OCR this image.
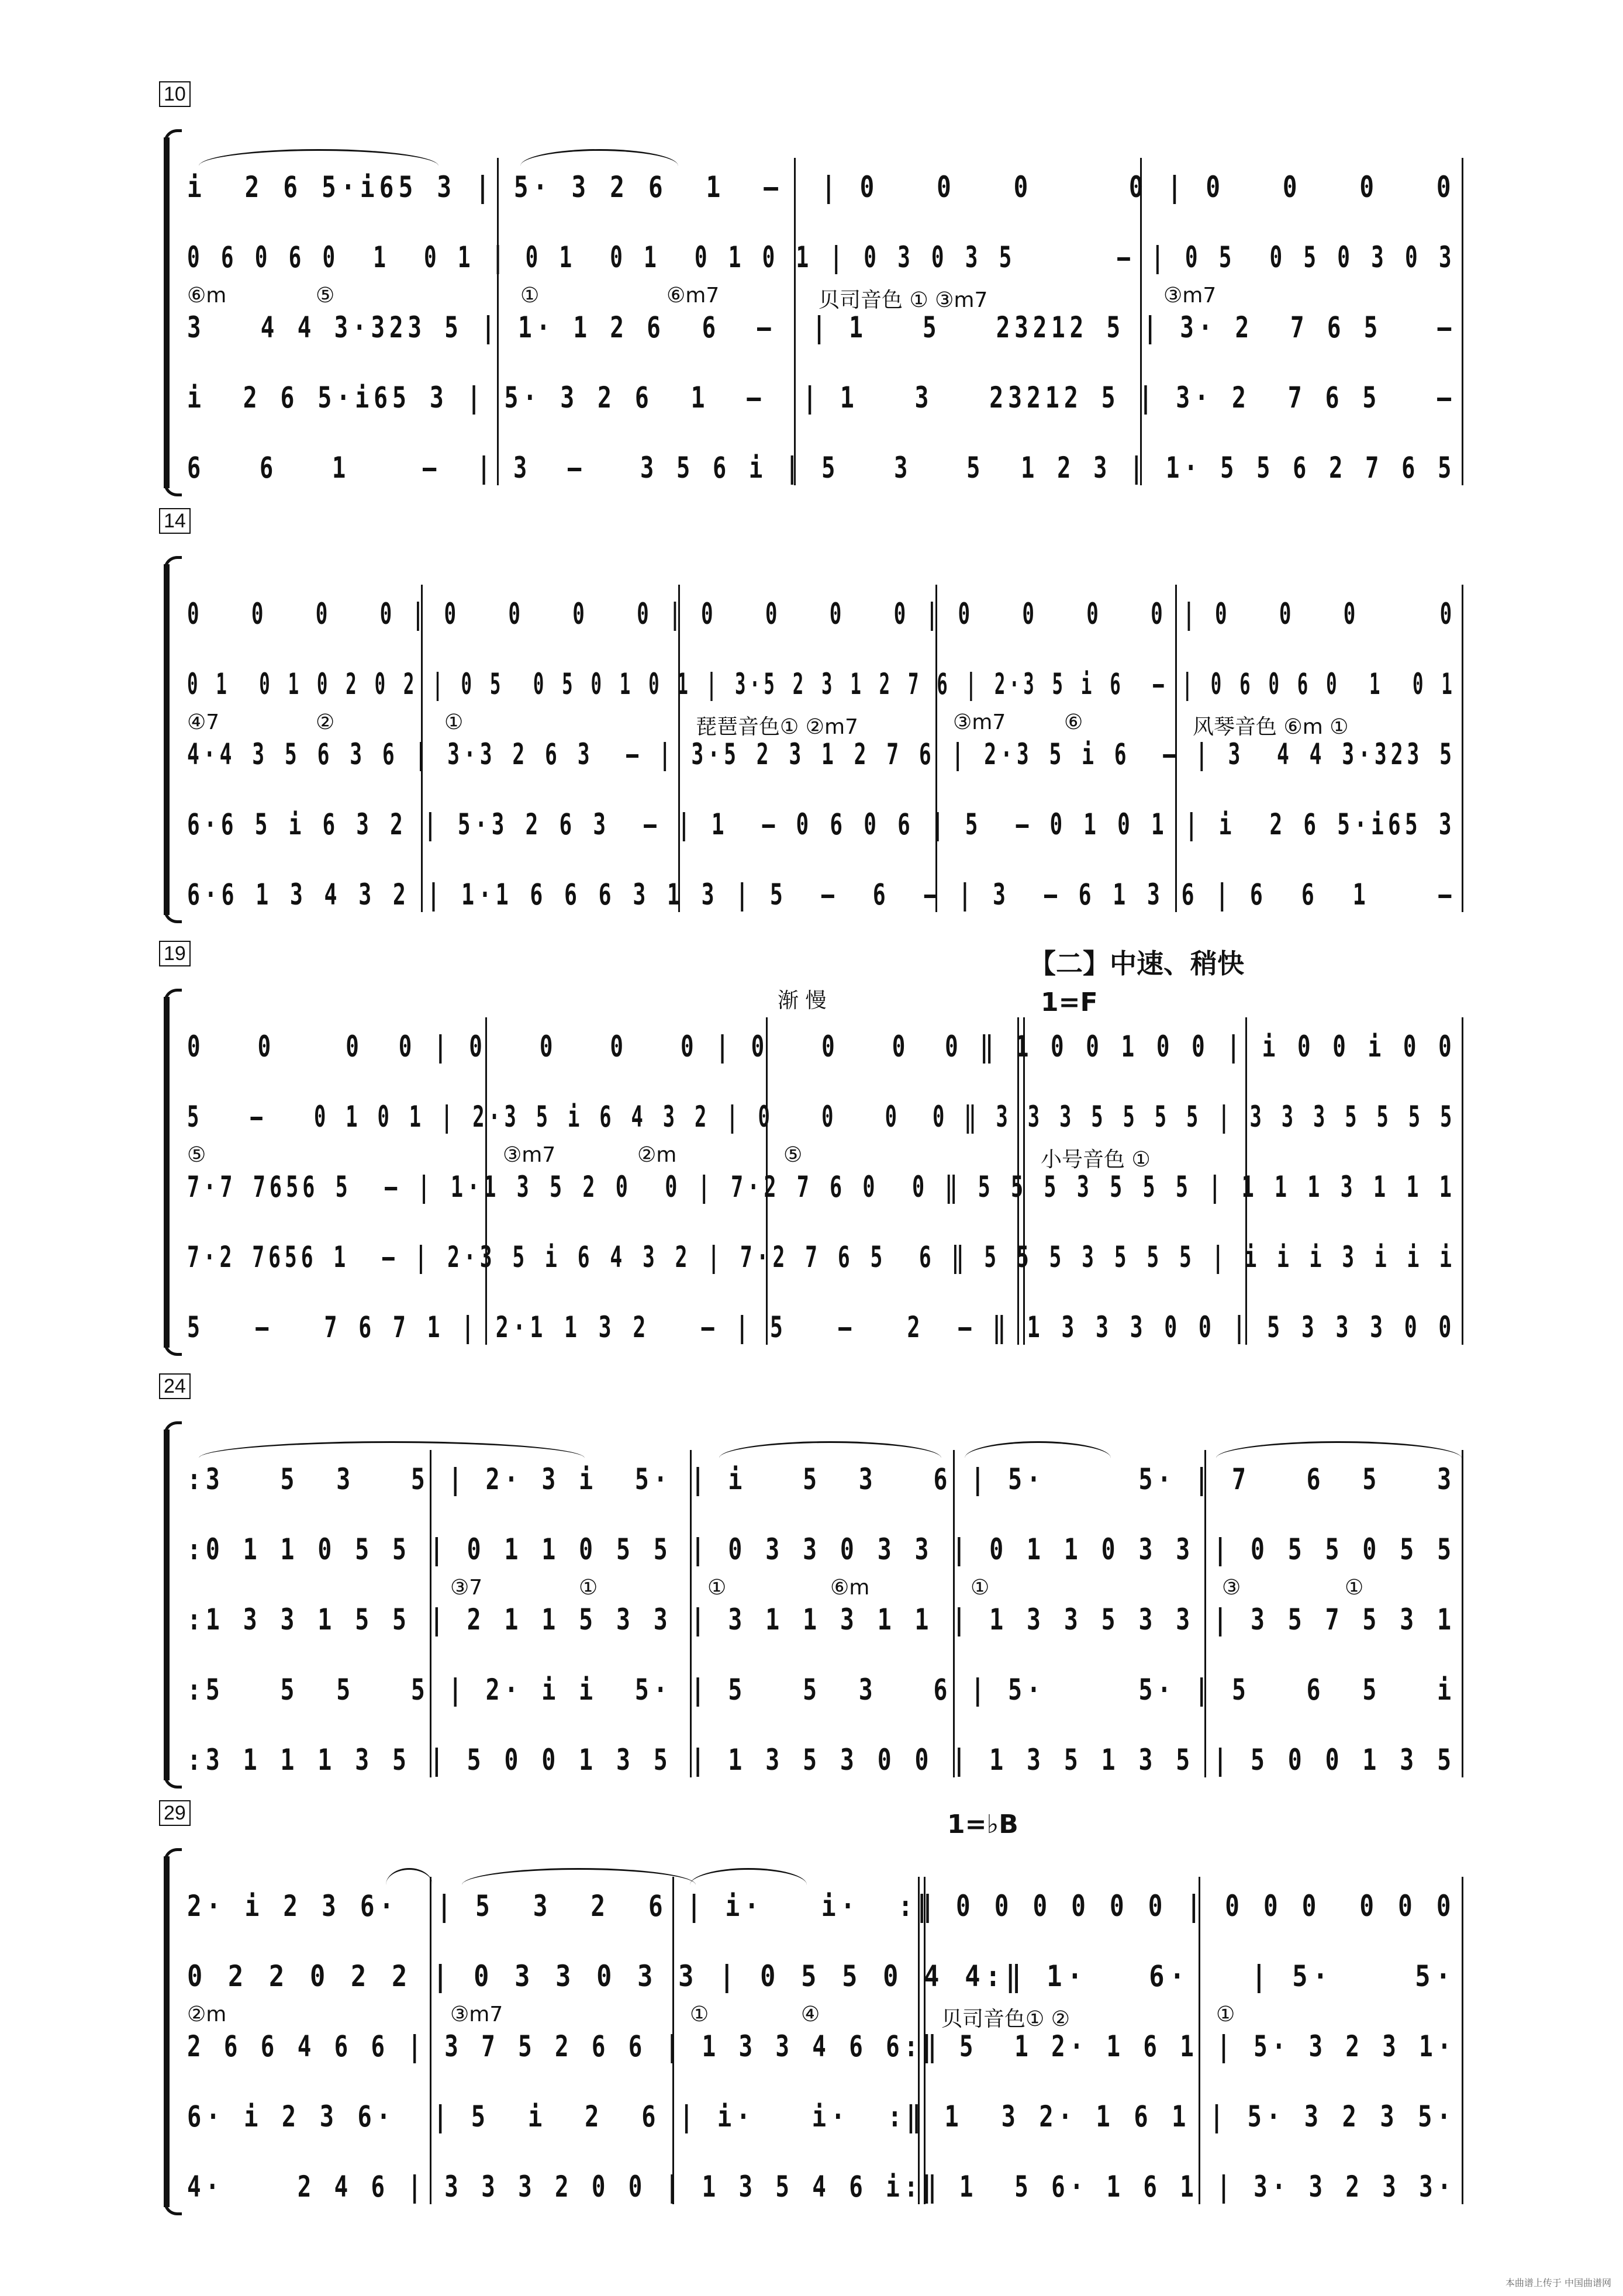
10
i  2 6 5·i65 3 | 5· 3 2 6  1  –  | 0   0   0     0 | 0   0   0   0
0 6 0 6 0  1  0 1 | 0 1  0 1  0 1 0 1 | 0 3 0 3 5      – | 0 5  0 5 0 3 0 3
⑥m	⑤	①	⑥m7	贝司音色 ① ③m7	③m7
3   4 4 3·323 5 | 1· 1 2 6  6  –  | 1   5   23212 5 | 3· 2  7 6 5   –
i  2 6 5·i65 3 | 5· 3 2 6  1  –  | 1   3   23212 5 | 3· 2  7 6 5   –
6   6   1    –  | 3  –   3 5 6 i | 5   3   5  1 2 3 | 1· 5 5 6 2 7 6 5
14
0   0   0   0 | 0   0   0   0 | 0   0   0   0 | 0   0   0   0 | 0   0   0     0
0 1  0 1 0 2 0 2 | 0 5  0 5 0 1 0 1 | 3·5 2 3 1 2 7 6 | 2·3 5 i 6  – | 0 6 0 6 0  1  0 1
④7	②	①	琵琶音色① ②m7	③m7	⑥	风琴音色 ⑥m ①
4·4 3 5 6 3 6 | 3·3 2 6 3  – | 3·5 2 3 1 2 7 6 | 2·3 5 i 6  – | 3  4 4 3·323 5
6·6 5 i 6 3 2 | 5·3 2 6 3  – | 1  – 0 6 0 6 | 5  – 0 1 0 1 | i  2 6 5·i65 3
6·6 1 3 4 3 2 | 1·1 6 6 6 3 1 3 | 5  –  6  – | 3  – 6 1 3 6 | 6  6  1    –
【二】中速、稍快
19
渐 慢	1=F
0   0    0  0 | 0   0   0   0 | 0   0   0  0 ‖ 1 0 0 1 0 0 | i 0 0 i 0 0
5   –   0 1 0 1 | 2·3 5 i 6 4 3 2 | 0   0   0  0 ‖ 3 3 3 5 5 5 5 | 3 3 3 5 5 5 5
⑤	③m7	②m	⑤	小号音色 ①
7·7 7656 5  – | 1·1 3 5 2 0  0 | 7·2 7 6 0  0 ‖ 5 5 5 3 5 5 5 | 1 1 1 3 1 1 1
7·2 7656 1  – | 2·3 5 i 6 4 3 2 | 7·2 7 6 5  6 ‖ 5 5 5 3 5 5 5 | i i i 3 i i i
5   –   7 6 7 1 | 2·1 1 3 2   – | 5   –   2  – ‖ 1 3 3 3 0 0 | 5 3 3 3 0 0
24
:3   5  3   5 | 2· 3 i  5· | i   5  3   6 | 5·     5· | 7   6  5   3
:0 1 1 0 5 5 | 0 1 1 0 5 5 | 0 3 3 0 3 3 | 0 1 1 0 3 3 | 0 5 5 0 5 5
③7	①	①	⑥m	①	③	①
:1 3 3 1 5 5 | 2 1 1 5 3 3 | 3 1 1 3 1 1 | 1 3 3 5 3 3 | 3 5 7 5 3 1
:5   5  5   5 | 2· i i  5· | 5   5  3   6 | 5·     5· | 5   6  5   i
:3 1 1 1 3 5 | 5 0 0 1 3 5 | 1 3 5 3 0 0 | 1 3 5 1 3 5 | 5 0 0 1 3 5
29	1=♭B
2· i 2 3 6·  | 5  3  2  6 | i·   i·  :‖ 0 0 0 0 0 0 | 0 0 0  0 0 0
0 2 2 0 2 2 | 0 3 3 0 3 3 | 0 5 5 0 4 4:‖ 1·   6·   | 5·    5·
②m	③m7	①	④	贝司音色① ②	①
2 6 6 4 6 6 | 3 7 5 2 6 6 | 1 3 3 4 6 6:‖ 5  1 2· 1 6 1 | 5· 3 2 3 1·
6· i 2 3 6·  | 5  i  2  6 | i·   i·  :‖ 1  3 2· 1 6 1 | 5· 3 2 3 5·
4·    2 4 6 | 3 3 3 2 0 0 | 1 3 5 4 6 i:‖ 1  5 6· 1 6 1 | 3· 3 2 3 3·
本曲谱上传于 中国曲谱网
